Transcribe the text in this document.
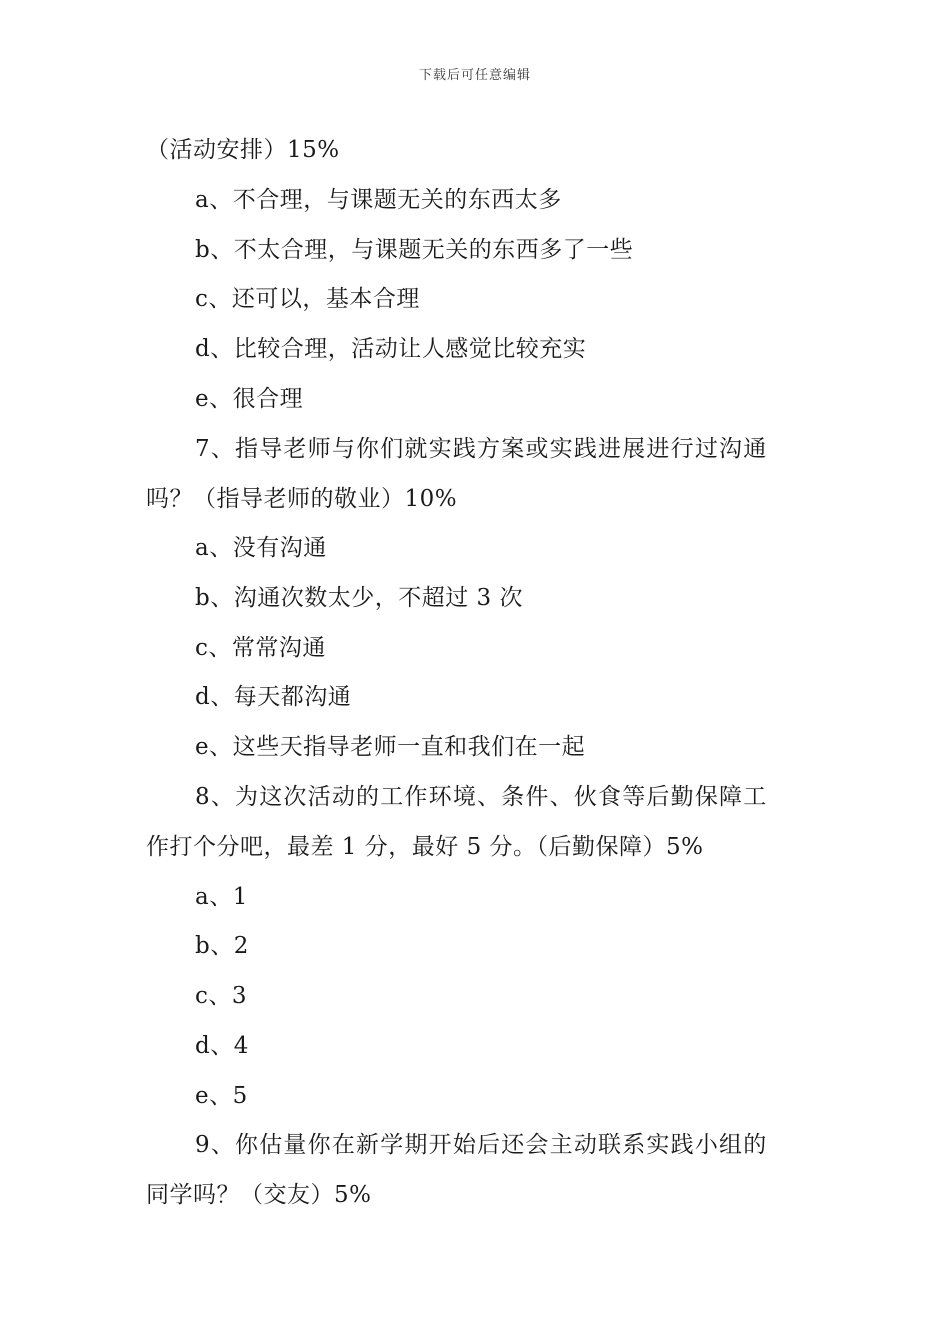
下载后可任意编辑
（活动安排）15%
a、不合理，与课题无关的东西太多
b、不太合理，与课题无关的东西多了一些
c、还可以，基本合理
d、比较合理，活动让人感觉比较充实
e、很合理
7、指导老师与你们就实践方案或实践进展进行过沟通
吗？（指导老师的敬业）10%
a、没有沟通
b、沟通次数太少，不超过 3 次
c、常常沟通
d、每天都沟通
e、这些天指导老师一直和我们在一起
8、为这次活动的工作环境、条件、伙食等后勤保障工
作打个分吧，最差 1 分，最好 5 分。（后勤保障）5%
a、1
b、2
c、3
d、4
e、5
9、你估量你在新学期开始后还会主动联系实践小组的
同学吗？（交友）5%
